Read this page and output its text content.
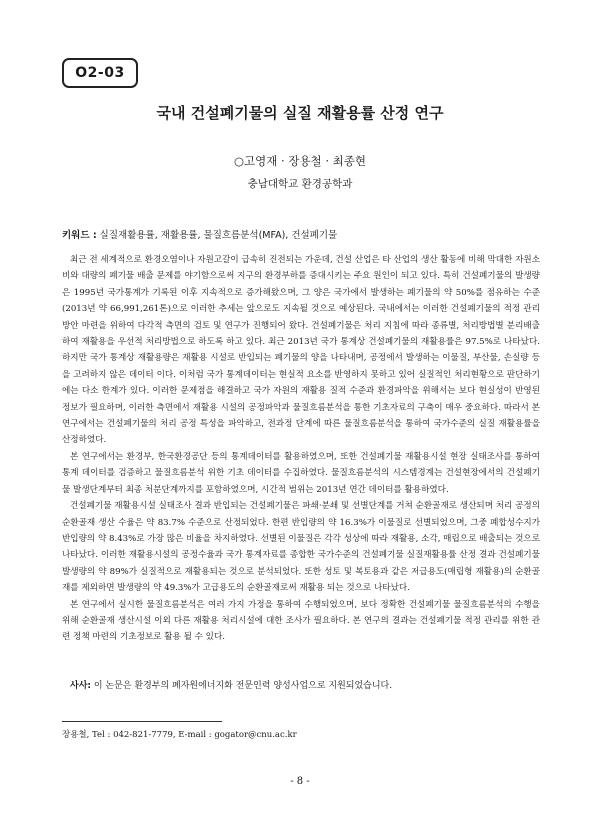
O2-03
국내 건설폐기물의 실질 재활용률 산정 연구
○고영재 · 장용철 · 최종현
충남대학교 환경공학과
키워드 : 실질재활용률, 재활용률, 물질흐름분석(MFA), 건설폐기물

최근 전 세계적으로 환경오염이나 자원고갈이 급속히 진전되는 가운데, 건설 산업은 타 산업의 생산 활동에 비해 막대한 자원소비와 대량의 폐기물 배출 문제를 야기함으로써 지구의 환경부하를 증대시키는 주요 원인이 되고 있다. 특히 건설폐기물의 발생량은 1995년 국가통계가 기록된 이후 지속적으로 증가해왔으며, 그 양은 국가에서 발생하는 폐기물의 약 50%를 점유하는 수준(2013년 약 66,991,261톤)으로 이러한 추세는 앞으로도 지속될 것으로 예상된다. 국내에서는 이러한 건설폐기물의 적정 관리방안 마련을 위하여 다각적 측면의 검토 및 연구가 진행되어 왔다. 건설폐기물은 처리 지침에 따라 종류별, 처리방법별 분리배출 하여 재활용을 우선적 처리방법으로 하도록 하고 있다. 최근 2013년 국가 통계상 건설폐기물의 재활용률은 97.5%로 나타났다. 하지만 국가 통계상 재활용량은 재활용 시설로 반입되는 폐기물의 양을 나타내며, 공정에서 발생하는 이물질, 부산물, 손실량 등을 고려하지 않은 데이터 이다. 이처럼 국가 통계데이터는 현실적 요소를 반영하지 못하고 있어 실질적인 처리현황으로 판단하기에는 다소 한계가 있다. 이러한 문제점을 해결하고 국가 자원의 재활용 질적 수준과 환경파악을 위해서는 보다 현실성이 반영된 정보가 필요하며, 이러한 측면에서 재활용 시설의 공정파악과 물질흐름분석을 통한 기초자료의 구축이 매우 중요하다. 따라서 본 연구에서는 건설폐기물의 처리 공정 특성을 파악하고, 전과정 단계에 따른 물질흐름분석을 통하여 국가수준의 실질 재활용률을 산정하였다.

본 연구에서는 환경부, 한국환경공단 등의 통계데이터를 활용하였으며, 또한 건설폐기물 재활용시설 현장 실태조사를 통하여 통계 데이터를 검증하고 물질흐름분석 위한 기초 데이터를 수집하였다. 물질흐름분석의 시스템경계는 건설현장에서의 건설폐기물 발생단계부터 최종 처분단계까지를 포함하였으며, 시간적 범위는 2013년 연간 데이터를 활용하였다.

건설폐기물 재활용시설 실태조사 결과 반입되는 건설폐기물은 파쇄·분쇄 및 선별단계를 거쳐 순환골재로 생산되며 처리 공정의 순환골재 생산 수율은 약 83.7% 수준으로 산정되었다. 한편 반입량의 약 16.3%가 이물질로 선별되었으며, 그중 폐합성수지가 반입량의 약 8.43%로 가장 많은 비율을 차지하였다. 선별된 이물질은 각각 성상에 따라 재활용, 소각, 매립으로 배출되는 것으로 나타났다. 이러한 재활용시설의 공정수율과 국가 통계자료를 종합한 국가수준의 건설폐기물 실질재활용률 산정 결과 건설폐기물 발생량의 약 89%가 실질적으로 재활용되는 것으로 분석되었다. 또한 성토 및 복토용과 같은 저급용도(매립형 재활용)의 순환골재를 제외하면 발생량의 약 49.3%가 고급용도의 순환골재로써 재활용 되는 것으로 나타났다.

본 연구에서 실시한 물질흐름분석은 여러 가지 가정을 통하여 수행되었으며, 보다 정확한 건설폐기물 물질흐름분석의 수행을 위해 순환골재 생산시설 이외 다른 재활용 처리시설에 대한 조사가 필요하다. 본 연구의 결과는 건설폐기물 적정 관리를 위한 관련 정책 마련의 기초정보로 활용 될 수 있다.

사사: 이 논문은 환경부의 폐자원에너지화 전문인력 양성사업으로 지원되었습니다.
장용철, Tel : 042-821-7779, E-mail : gogator@cnu.ac.kr
- 8 -
